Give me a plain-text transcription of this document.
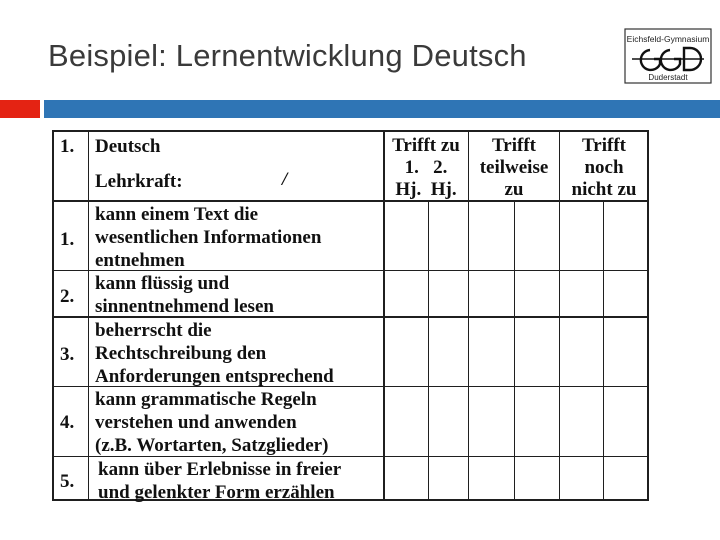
Beispiel: Lernentwicklung Deutsch	Eichsfeld-Gymnasium
Duderstadt
1. Deutsch
Lehrkraft:	/
Trifft zu
1.   2.
Hj.  Hj.
Trifft
teilweise
zu
Trifft
noch
nicht zu
1.
kann einem Text die
wesentlichen Informationen
entnehmen
2.
kann flüssig und
sinnentnehmend lesen
3.
beherrscht die
Rechtschreibung den
Anforderungen entsprechend
4.
kann grammatische Regeln
verstehen und anwenden
(z.B. Wortarten, Satzglieder)
5.
kann über Erlebnisse in freier
und gelenkter Form erzählen
